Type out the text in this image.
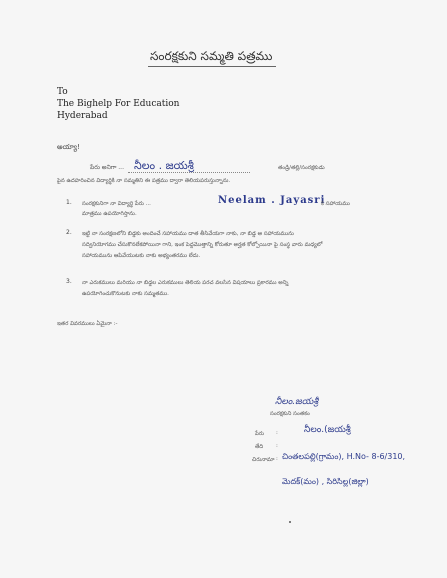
సంరక్షకుని సమ్మతి పత్రము
To
The Bighelp For Education
Hyderabad
అయ్యా!
పేరు అనిగా ... నీలం . జయశ్రీ	తండ్రి/తల్లి/సంరక్షకుడు
పైన ఉదహరించిన విద్యార్థికి నా సమ్మతిని ఈ పత్రము ద్వారా తెలియపరుస్తున్నాను.
1. సంరక్షకునిగా నా విద్యార్థి పేరు ...	Neelam . Jayasri
కి సహాయము
మాత్రము ఉపయోగిస్తాను.
2. ఇట్టి నా సంరక్షణలోని బిడ్డకు అందించే సహాయము దాత తీసివేయగా నాకు, నా బిడ్డ ఆ సహాయమును
సద్వినియోగము చేసుకొనలేకపోయినా గాని, ఇంక పెద్దమొత్తాన్ని కోరుతూ అర్హత కోల్పోయినా పై సంస్థ వారు మధ్యలో
సహాయమును ఆపివేయుటకు నాకు అభ్యంతరము లేదు.
3. నా ఎరుకములు మరియు నా బిడ్డల ఎరుకములు తెలియ పరచ వలసిన విషయాలు ప్రకారము అన్ని
ఉపయోగించుకొనుటకు నాకు సమ్మతము.
ఇతర వివరములు ఏమైనా :-
నీలం.జయశ్రీ
సంరక్షకుని సంతకం
పేరు :	నీలం.(జయశ్రీ
తేది :
చిరునామా : చింతలపల్లి(గ్రామం), H.No- 8-6/310,
మెదక్(మం) , సిరిసిల్ల(జిల్లా)
